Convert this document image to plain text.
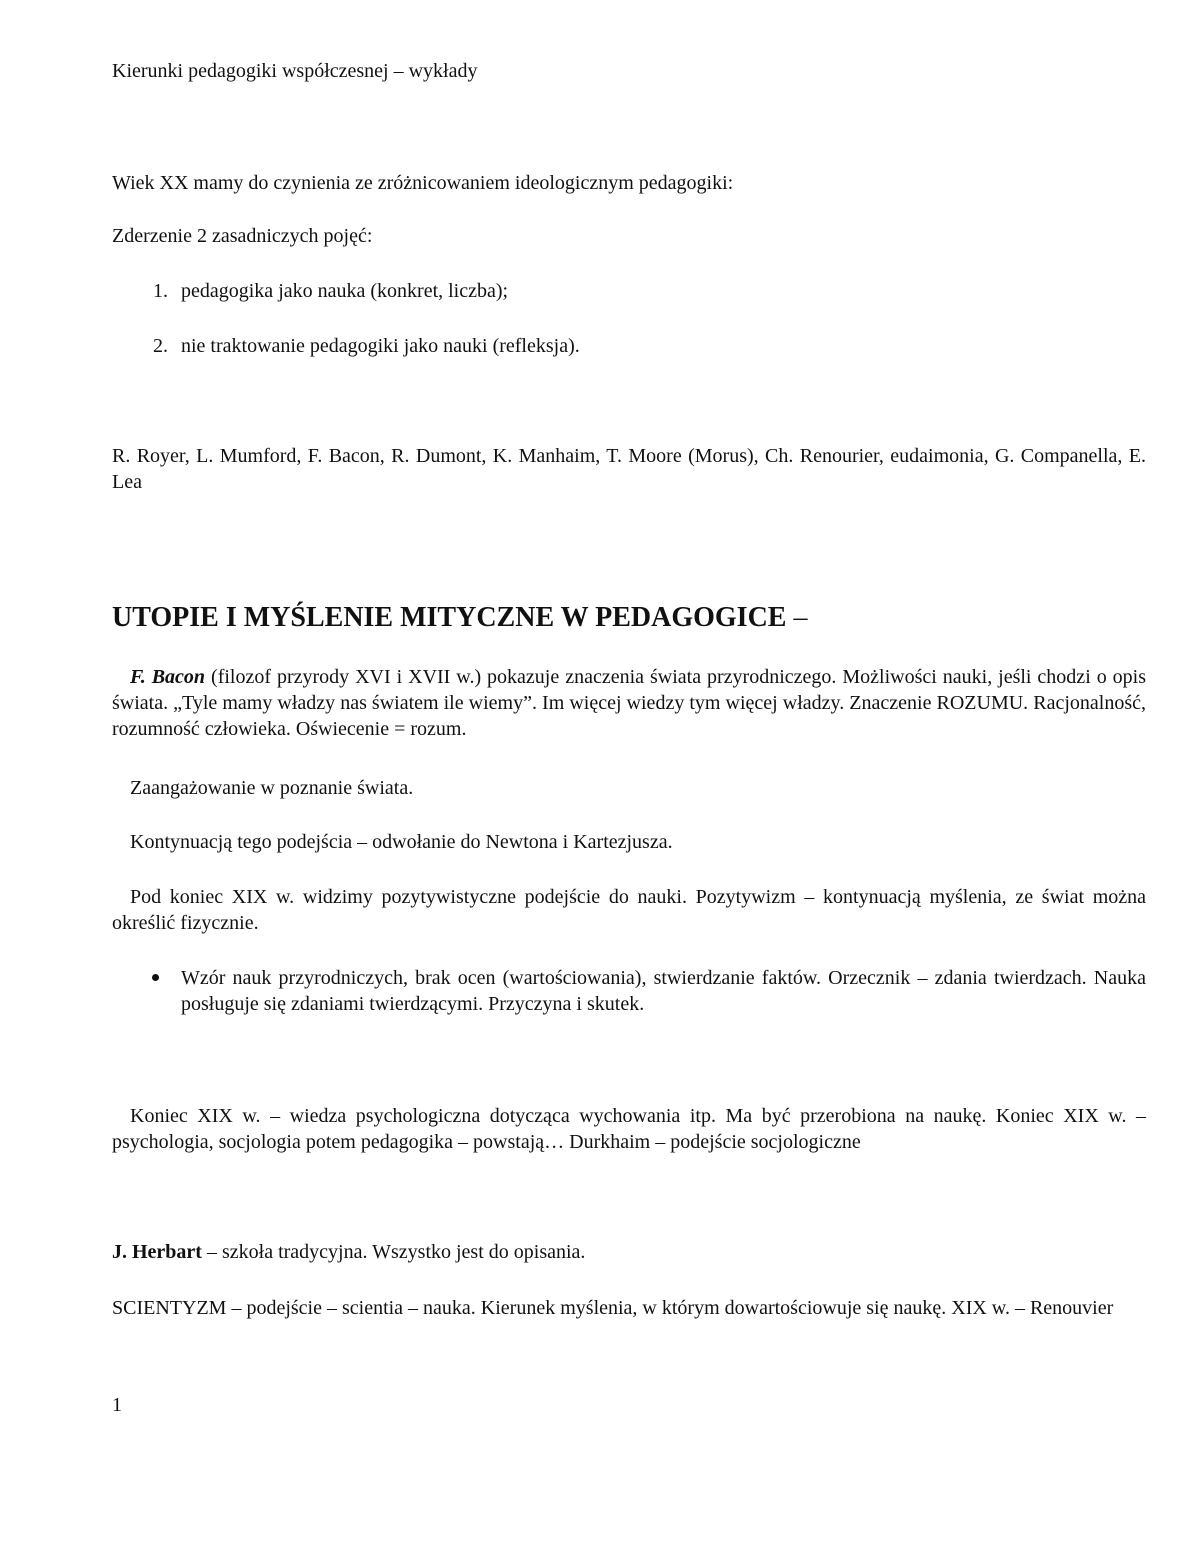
Kierunki pedagogiki współczesnej – wykłady

Wiek XX mamy do czynienia ze zróżnicowaniem ideologicznym pedagogiki:

Zderzenie 2 zasadniczych pojęć:

1. pedagogika jako nauka (konkret, liczba);

2. nie traktowanie pedagogiki jako nauki (refleksja).

R. Royer, L. Mumford, F. Bacon, R. Dumont, K. Manhaim, T. Moore (Morus), Ch. Renourier, eudaimonia, G. Companella, E. Lea

UTOPIE I MYŚLENIE MITYCZNE W PEDAGOGICE –

F. Bacon (filozof przyrody XVI i XVII w.) pokazuje znaczenia świata przyrodniczego. Możliwości nauki, jeśli chodzi o opis świata. „Tyle mamy władzy nas światem ile wiemy”. Im więcej wiedzy tym więcej władzy. Znaczenie ROZUMU. Racjonalność, rozumność człowieka. Oświecenie = rozum.

Zaangażowanie w poznanie świata.

Kontynuacją tego podejścia – odwołanie do Newtona i Kartezjusza.

Pod koniec XIX w. widzimy pozytywistyczne podejście do nauki. Pozytywizm – kontynuacją myślenia, ze świat można określić fizycznie.

Wzór nauk przyrodniczych, brak ocen (wartościowania), stwierdzanie faktów. Orzecznik – zdania twierdzach. Nauka posługuje się zdaniami twierdzącymi. Przyczyna i skutek.

Koniec XIX w. – wiedza psychologiczna dotycząca wychowania itp. Ma być przerobiona na naukę. Koniec XIX w. – psychologia, socjologia potem pedagogika – powstają… Durkhaim – podejście socjologiczne

J. Herbart – szkoła tradycyjna. Wszystko jest do opisania.

SCIENTYZM – podejście – scientia – nauka. Kierunek myślenia, w którym dowartościowuje się naukę. XIX w. – Renouvier

1
